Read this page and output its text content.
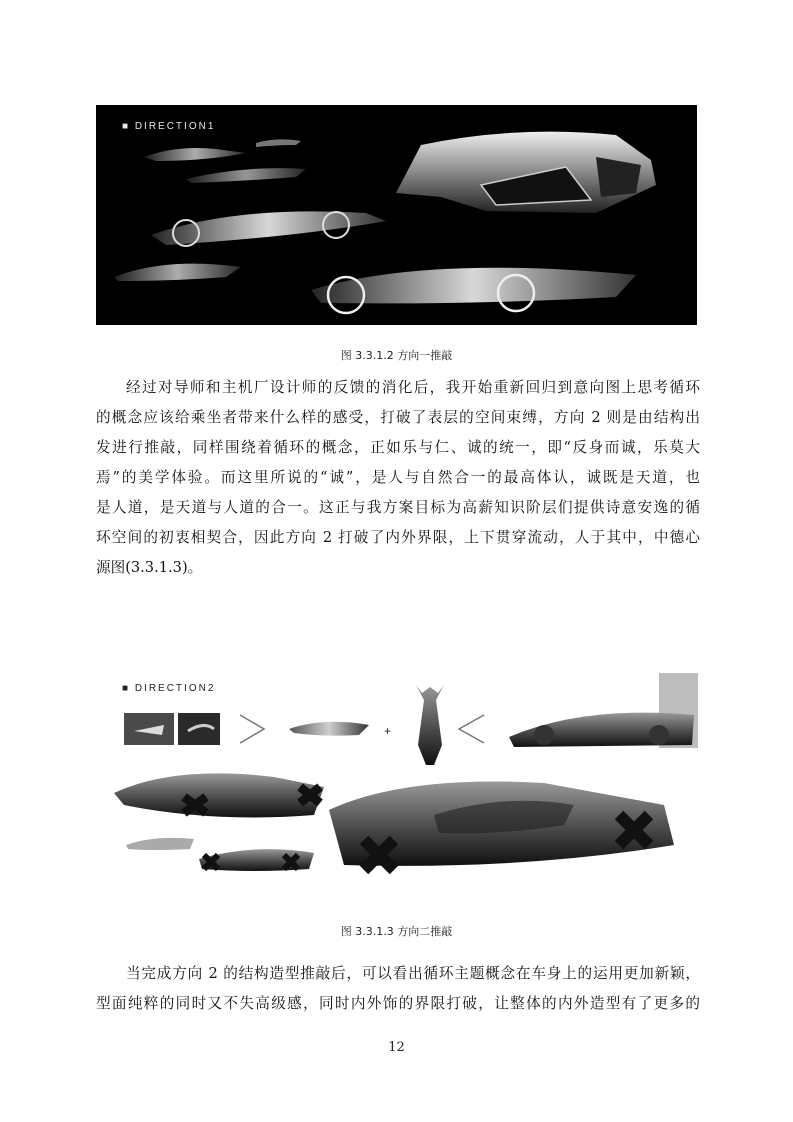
■ DIRECTION1
图 3.3.1.2 方向一推敲
经过对导师和主机厂设计师的反馈的消化后，我开始重新回归到意向图上思考循环
的概念应该给乘坐者带来什么样的感受，打破了表层的空间束缚，方向 2 则是由结构出
发进行推敲，同样围绕着循环的概念，正如乐与仁、诚的统一，即“反身而诚，乐莫大
焉”的美学体验。而这里所说的“诚”，是人与自然合一的最高体认，诚既是天道，也
是人道，是天道与人道的合一。这正与我方案目标为高薪知识阶层们提供诗意安逸的循
环空间的初衷相契合，因此方向 2 打破了内外界限，上下贯穿流动，人于其中，中德心
源图(3.3.1.3)。
■ DIRECTION2
+
图 3.3.1.3 方向二推敲
当完成方向 2 的结构造型推敲后，可以看出循环主题概念在车身上的运用更加新颖，
型面纯粹的同时又不失高级感，同时内外饰的界限打破，让整体的内外造型有了更多的
12
